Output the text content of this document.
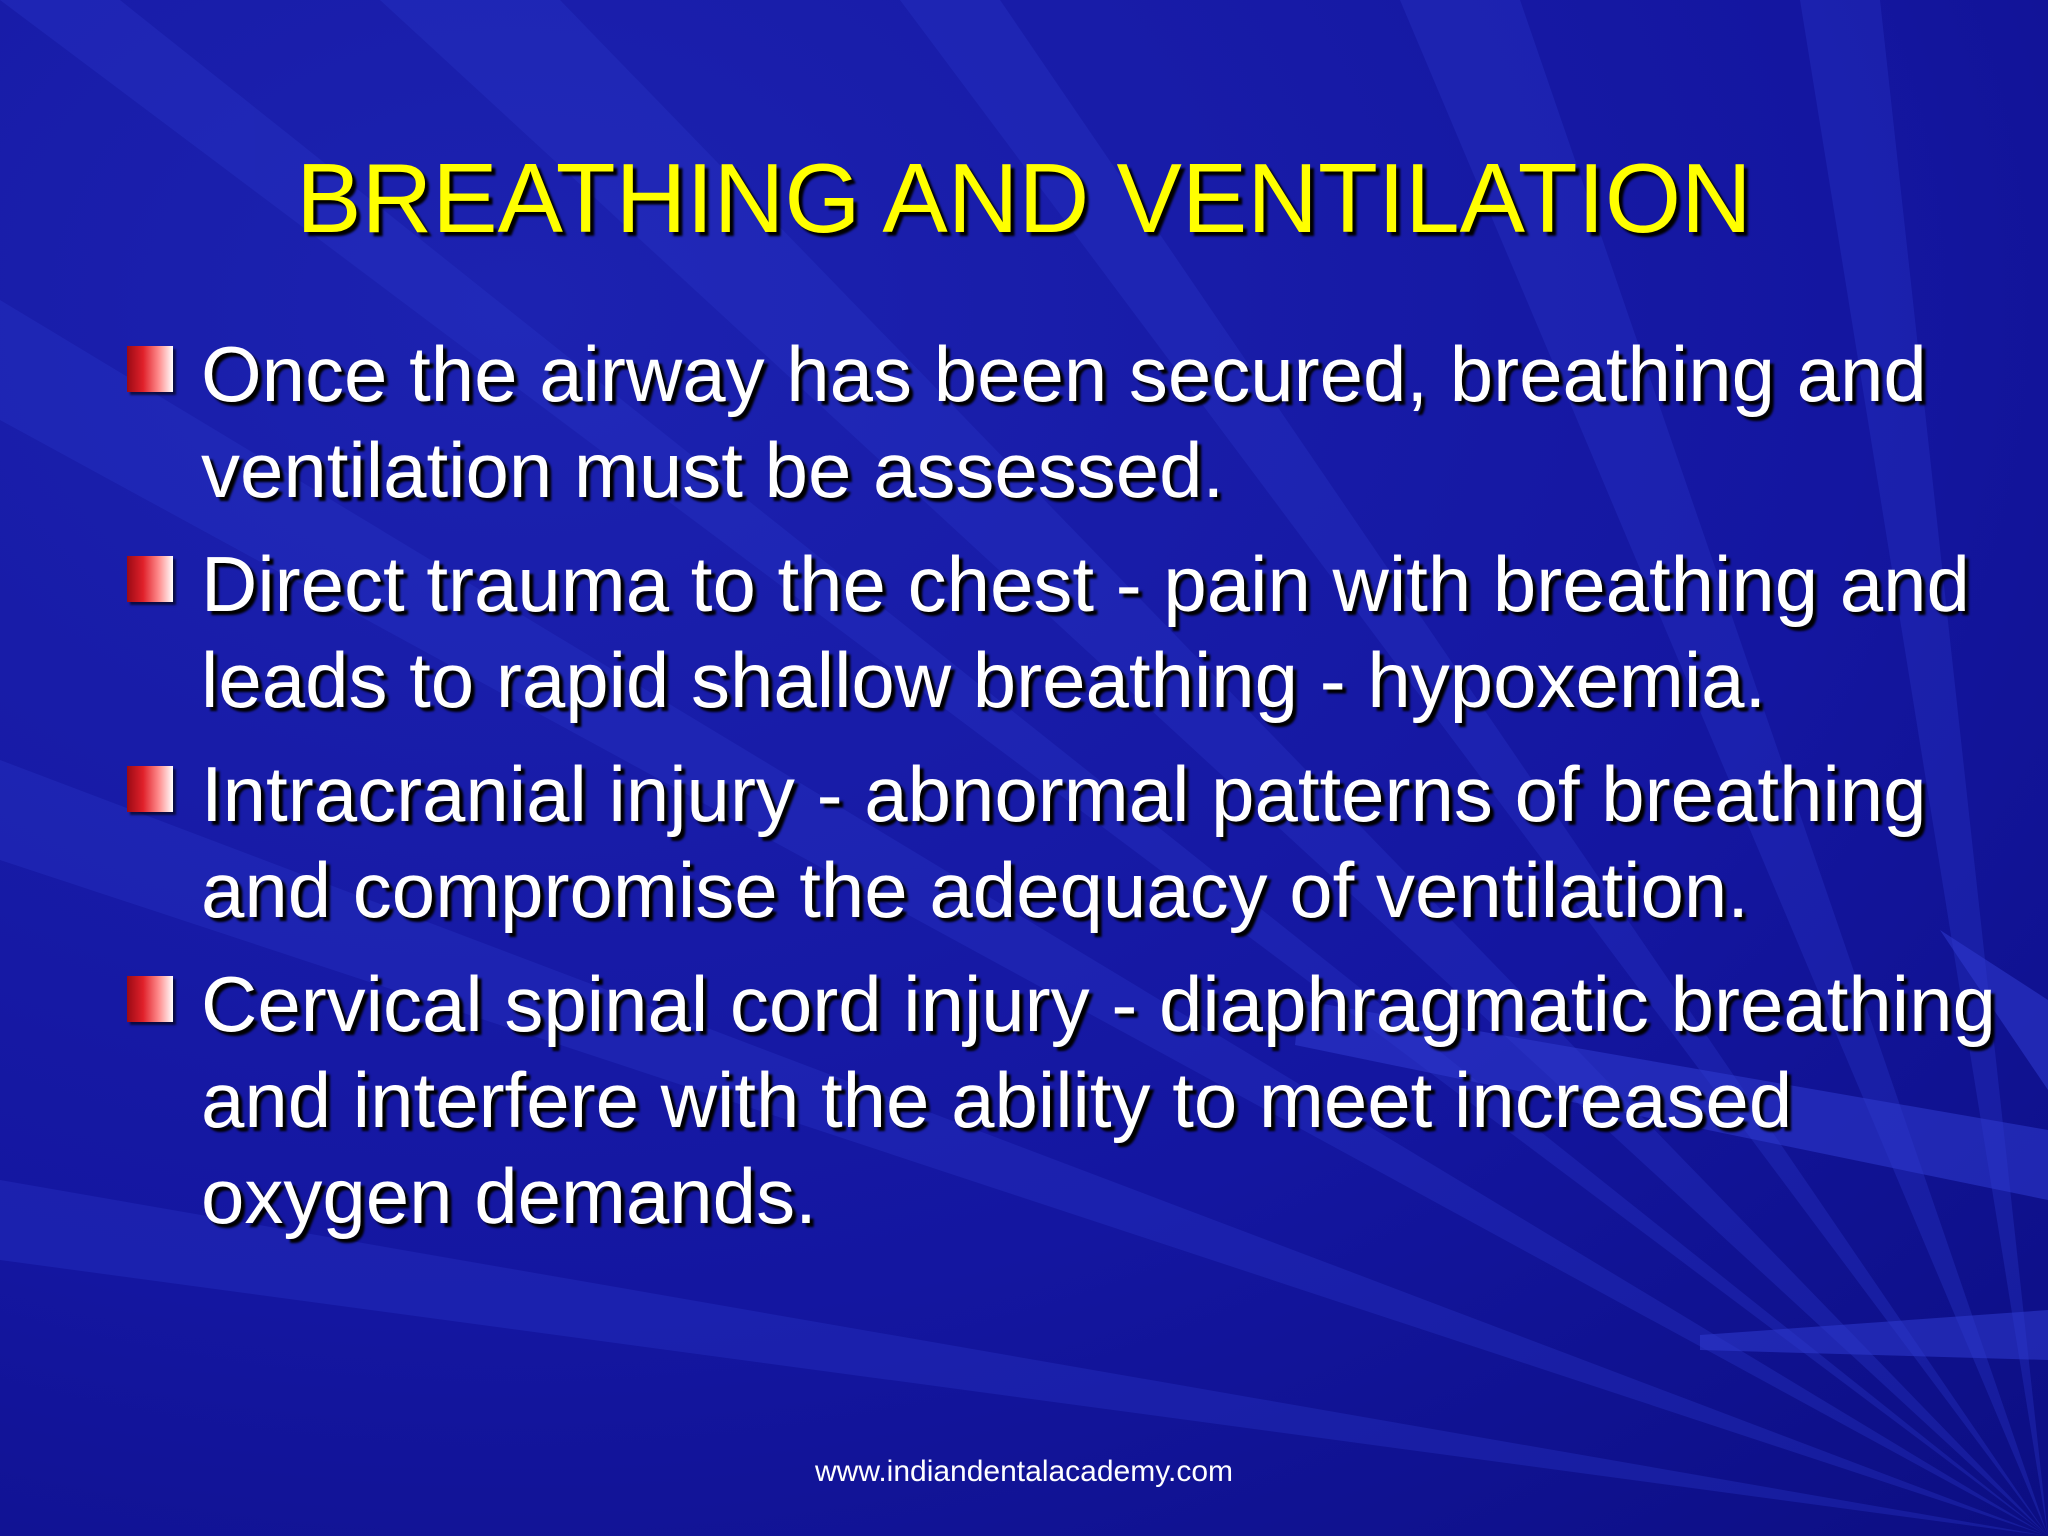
BREATHING AND VENTILATION
Once the airway has been secured, breathing and ventilation must be assessed.
Direct trauma to the chest - pain with breathing and leads to rapid shallow breathing - hypoxemia.
Intracranial injury - abnormal patterns of breathing and compromise the adequacy of ventilation.
Cervical spinal cord injury - diaphragmatic breathing and interfere with the ability to meet increased oxygen demands.
www.indiandentalacademy.com
